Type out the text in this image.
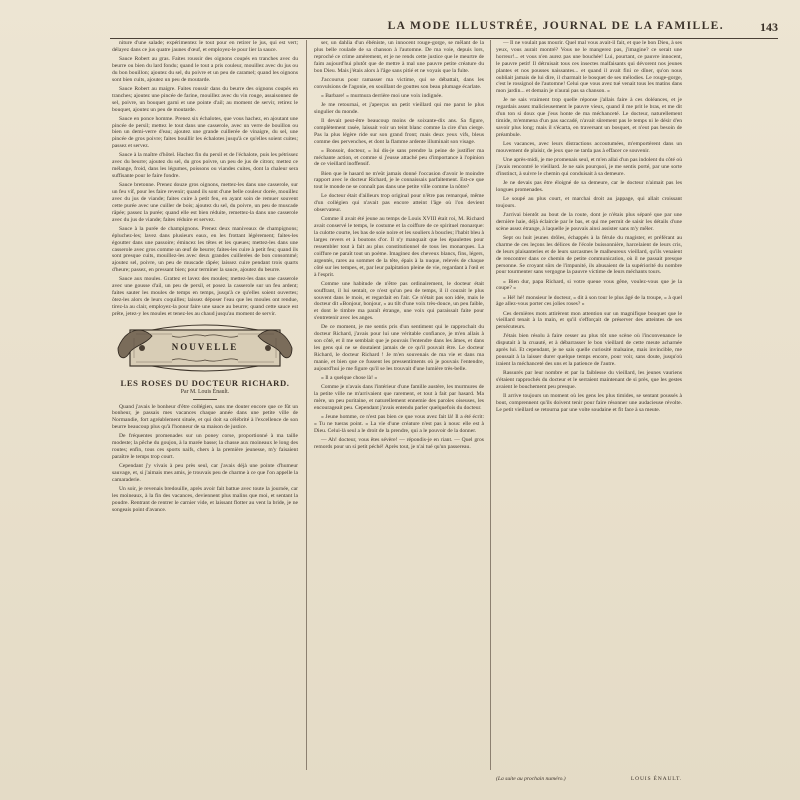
LA MODE ILLUSTRÉE, JOURNAL DE LA FAMILLE.	143

niture d'une salade; expérimentez le tout pour en retirer le jus, qui est vert; délayez dans ce jus quatre jaunes d'œuf, et employez-le pour lier la sauce.

Sauce Robert au gras. Faites roussir des oignons coupés en tranches avec du beurre ou bien du lard fondu; quand le tout a pris couleur, mouillez avec du jus ou du bon bouillon; ajoutez du sel, du poivre et un peu de caramel; quand les oignons sont bien cuits, ajoutez un peu de moutarde.

Sauce Robert au maigre. Faites roussir dans du beurre des oignons coupés en tranches; ajoutez une pincée de farine, mouillez avec du vin rouge, assaisonnez de sel, poivre, un bouquet garni et une pointe d'ail; au moment de servir, retirez le bouquet, ajoutez un peu de moutarde.

Sauce en ponce homme. Prenez six échalotes, que vous hachez, en ajoutant une pincée de persil; mettez le tout dans une casserole, avec un verre de bouillon ou bien un demi-verre d'eau; ajoutez une grande cuillerée de vinaigre, du sel, une pincée de gros poivre; faites bouillir les échalotes jusqu'à ce qu'elles soient cuites; passez et servez.

Sauce à la maître d'hôtel. Hachez fin du persil et de l'échalote, puis les pétrissez avec du beurre; ajoutez du sel, du gros poivre, un peu de jus de citron; mettez ce mélange, froid, dans les légumes, poissons ou viandes cuites, dont la chaleur sera suffisante pour le faire fondre.

Sauce bretonne. Prenez douze gros oignons, mettez-les dans une casserole, sur un feu vif, pour les faire revenir; quand ils sont d'une belle couleur dorée, mouillez avec du jus de viande; faites cuire à petit feu, en ayant soin de remuer souvent cette purée avec une cuiller de bois; ajoutez du sel, du poivre, un peu de muscade râpée; passez la purée; quand elle est bien réduite, remettez-la dans une casserole avec du jus de viande; faites réduire et servez.

Sauce à la purée de champignons. Prenez deux maniveaux de champignons; épluchez-les; lavez dans plusieurs eaux, en les frottant légèrement; faites-les égoutter dans une passoire; émincez les têtes et les queues; mettez-les dans une casserole avec gros comme un œuf de beurre; faites-les cuire à petit feu; quand ils sont presque cuits, mouillez-les avec deux grandes cuillerées de bon consommé; ajoutez sel, poivre, un peu de muscade râpée; laissez cuire pendant trois quarts d'heure; passez, en pressant bien; pour terminer la sauce, ajoutez du beurre.

Sauce aux moules. Grattez et lavez des moules; mettez-les dans une casserole avec une gousse d'ail, un peu de persil, et posez la casserole sur un feu ardent; faites sauter les moules de temps en temps, jusqu'à ce qu'elles soient ouvertes; ôtez-les alors de leurs coquilles; laissez déposer l'eau que les moules ont rendue, tirez-la au clair, employez-la pour faire une sauce au beurre; quand cette sauce est prête, jetez-y les moules et tenez-les au chaud jusqu'au moment de servir.

NOUVELLE
LES ROSES DU DOCTEUR RICHARD.
Par M. Louis Énault.

Quand j'avais le bonheur d'être collégien, sans me douter encore que ce fût un bonheur, je passais mes vacances chaque année dans une petite ville de Normandie, fort agréablement située, et qui doit sa célébrité à l'excellence de son beurre beaucoup plus qu'à l'honneur de sa maison de justice.

De fréquentes promenades sur un poney corse, proportionné à ma taille modeste; la pêche du goujon, à la marée basse; la chasse aux moineaux le long des routes; enfin, tous ces sports naifs, chers à la première jeunesse, m'y faisaient paraître le temps trop court.

Cependant j'y vivais à peu près seul, car j'avais déjà une pointe d'humeur sauvage, et, si j'aimais mes amis, je trouvais peu de charme à ce que l'on appelle la camaraderie.

Un soir, je revenais bredouille, après avoir fait battue avec toute la journée, car les moineaux, à la fin des vacances, deviennent plus malins que moi, et sentant la poudre. Rentrant de rentrer le carnier vide, et laissant flotter au vent la bride, je ne songeais point d'avance.

ser, un dahlia d'un ébéniste, un innocent rouge-gorge, se mêlant de la plus belle roulade de sa chanson à l'automne. De ma voie, depuis lors, reproché ce crime amèrement, et je ne rends cette justice que le meurtre de faim aujourd'hui plutôt que de mettre à mal une pauvre petite créature du bon Dieu. Mais j'étais alors à l'âge sans pitié et ne voyais que la fuite.

J'accourus pour ramasser ma victime, qui se débattait, dans les convulsions de l'agonie, en souillant de gouttes son beau plumage écarlate.

« Barbare! » murmura derrière moi une voix indignée.

Je me retournai, et j'aperçus un petit vieillard qui me parut le plus singulier du monde.

Il devait peut-être beaucoup moins de soixante-dix ans. Sa figure, complètement rasée, laissait voir un teint blanc comme la cire d'un cierge. Pas la plus légère ride sur son grand front; mais deux yeux vifs, bleus comme des pervenches, et dont la flamme ardente illuminait son visage.

« Bonsoir, docteur, » lui dis-je sans prendre la peine de justifier ma méchante action, et comme si j'eusse attaché peu d'importance à l'opinion de ce vieillard inoffensif.

Bien que le hasard ne m'eût jamais donné l'occasion d'avoir le moindre rapport avec le docteur Richard, je le connaissais parfaitement. Est-ce que tout le monde ne se connaît pas dans une petite ville comme la nôtre?

Le docteur était d'ailleurs trop original pour n'être pas remarqué, même d'un collégien qui n'avait pas encore atteint l'âge où l'on devient observateur.

Comme il avait été jeune au temps de Louis XVIII était roi, M. Richard avait conservé le temps, le costume et la coiffure de ce spirituel monarque: la culotte courte, les bas de soie noire et les souliers à boucles; l'habit bleu à larges revers et à boutons d'or. Il n'y manquait que les épaulettes pour ressembler tout à fait au plus constitutionnel de tous les monarques. La coiffure ne paraît tout un poème. Imaginez des cheveux blancs, fins, légers, argentés, rares au sommet de la tête, épais à la nuque, relevés de chaque côté sur les tempes, et, par leur palpitation pleine de vie, regardant à l'œil et à l'esprit.

Comme une habitude de n'être pas ordinairement, le docteur était souffrant, il lui sentait, ce n'est qu'un peu de temps, il il courait le plus souvent dans le mois, et regardait en l'air. Ce n'était pas son idée, mais le docteur dit «Bonjour, bonjour, » au tilt d'une voix très-douce, un peu faible, et dont le timbre ma paraît étrange, une voix qui paraissait faite pour s'entretenir avec les anges.

De ce moment, je me sentis pris d'un sentiment qui le rapprochait du docteur Richard, j'avais pour lui une véritable confiance, je m'en allais à son côté, et il me semblait que je pouvais l'entendre dans les âmes, et dans les gens qui ne se doutaient jamais de ce qu'il pouvait être. Le docteur Richard, le docteur Richard ! Je m'en souvenais de ma vie et dans ma manie, et bien que ce fussent les pressentiments où je pouvais l'entendre, aujourd'hui je me figure qu'il se les trouvait d'une lumière très-belle.

« Il a quelque chose là! »

Comme je n'avais dans l'intérieur d'une famille austère, les murmures de la petite ville ne m'arrivaient que rarement, et tout à fait par hasard. Ma mère, un peu puritaine, et naturellement ennemie des paroles oiseuses, les encourageait peu. Cependant j'avais entendu parler quelquefois du docteur.

« Jeune homme, ce n'est pas bien ce que vous avez fait là! Il a été écrit: « Tu ne tueras point. » La vie d'une créature n'est pas à nous: elle est à Dieu. Celui-là seul a le droit de la prendre, qui a le pouvoir de la donner.

— Ah! docteur, vous êtes sévère! — répondis-je en riant. — Quel gros remords pour un si petit péché! Après tout, je n'ai tué qu'un passereau.

— Il ne voulait pas mourir. Quel mal vous avait-il fait, et que le bon Dieu, à ses yeux, vous aurait montré? Vous ne le mangerez pas, j'imagine? ce serait une horreur!... et vous n'en aurez pas une bouchée! Lui, pourtant, ce pauvre innocent, le pauvre petit! Il détruisait tous ces insectes malfaisants qui dévorent nos jeunes plantes et nos pousses naissantes... et quand il avait fini ce dîner, qu'on nous oubliait jamais de lui dire, il charmait le bosquet de ses mélodies. Le rouge-gorge, c'est le rossignol de l'automne! Celui que vous avez tué venait tous les matins dans mon jardin... et demain je n'aurai pas sa chanson. »

Je ne sais vraiment trop quelle réponse j'allais faire à ces doléances, et je regardais assez malicieusement le pauvre vieux, quand il me prit le bras, et me dit d'un ton si doux que j'eus honte de ma méchanceté. Le docteur, naturellement timide, m'emmena d'un pas saccadé, n'avait sûrement pas le temps ni le désir d'en savoir plus long; mais il s'écarta, en traversant un bosquet, et n'eut pas besoin de préambule.

Les vacances, avec leurs distractions accoutumées, m'emportèrent dans un mouvement de plaisir, de jeux que ne tarda pas à effacer ce souvenir.

Une après-midi, je me promenais seul, et m'en allai d'un pas indolent du côté où j'avais rencontré le vieillard. Je ne sais pourquoi, je me sentis porté, par une sorte d'instinct, à suivre le chemin qui conduisait à sa demeure.

Je ne devais pas être éloigné de sa demeure, car le docteur n'aimait pas les longues promenades.

Le soupé au plus court, et marchai droit au jappage, qui allait croissant toujours.

J'arrivai bientôt au bout de la route, dont je n'étais plus séparé que par une dernière haie, déjà éclaircie par le bas, et qui me permit de saisir les détails d'une scène assez étrange, à laquelle je pouvais ainsi assister sans m'y mêler.

Sept ou huit jeunes drôles, échappés à la férule du magister, et préférant au charme de ces leçons les délices de l'école buissonnière, harcelaient de leurs cris, de leurs plaisanteries et de leurs sarcasmes le malheureux vieillard, qu'ils venaient de rencontrer dans ce chemin de petite communication, où il ne passait presque personne. Se croyant sûrs de l'impunité, ils abusaient de la supériorité du nombre pour tourmenter sans vergogne la pauvre victime de leurs méchants tours.

« Bien dur, papa Richard, si votre queue vous gêne, voulez-vous que je la coupe? »

« Hé! hé! monsieur le docteur, » dit à son tour le plus âgé de la troupe, « à quel âge allez-vous porter ces jolies roses? »

Ces dernières mots attirèrent mon attention sur un magnifique bouquet que le vieillard tenait à la main, et qu'il s'efforçait de préserver des atteintes de ses persécuteurs.

J'étais bien résolu à faire cesser au plus tôt une scène où l'inconvenance le disputait à la cruauté, et à débarrasser le bon vieillard de cette meute acharnée après lui. Et cependant, je ne sais quelle curiosité malsaine, mais invincible, me poussait à la laisser durer quelque temps encore, pour voir, sans doute, jusqu'où iraient la méchanceté des uns et la patience de l'autre.

Rassurés par leur nombre et par la faiblesse du vieillard, les jeunes vauriens s'étaient rapprochés du docteur et le serraient maintenant de si près, que les gestes avaient le bouchement peu presque.

Il arrive toujours un moment où les gens les plus timides, se sentant poussés à bout, comprennent qu'ils doivent tenir pour faire résonner une audacieuse révolte. Le petit vieillard se retourna par une volte soudaine et fit face à sa meute.

(La suite au prochain numéro.)	LOUIS ÉNAULT.
